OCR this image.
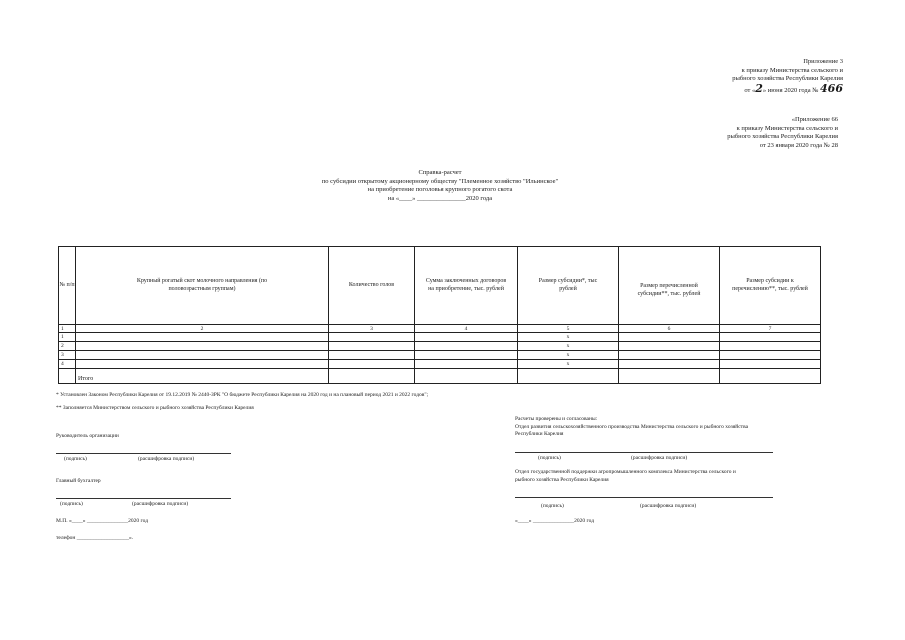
Приложение 3
к приказу Министерства сельского и
рыбного хозяйства Республики Карелия
от «2» июня 2020 года № 466
«Приложение 66
к приказу Министерства сельского и
рыбного хозяйства Республики Карелия
от 23 января 2020 года № 28
Справка-расчет
по субсидии открытому акционерному обществу "Племенное хозяйство "Ильинское"
на приобретение поголовья крупного рогатого скота
на «____» _______________2020 года
№ п/п	Крупный рогатый скот молочного направления (по половозрастным группам)	Количество голов	Сумма заключенных договоров на приобретение, тыс. рублей	Размер субсидии*, тыс рублей	Размер перечисленной субсидии**, тыс. рублей	Размер субсидии к перечислению**, тыс. рублей
1	2	3	4	5	6	7
1				х		
2				х		
3				х		
4				х		
	Итого					
* Установлен Законом Республики Карелия от 19.12.2019 № 2440-ЗРК "О бюджете Республики Карелия на 2020 год и на плановый период 2021 и 2022 годов";
** Заполняется Министерством сельского и рыбного хозяйства Республики Карелия
Руководитель организации
(подпись)	(расшифровка подписи)
Главный бухгалтер
(подпись)	(расшифровка подписи)
М.П. «____» _______________2020 год
телефон ___________________».
Расчеты проверены и согласованы:
Отдел развития сельскохозяйственного производства Министерства сельского и рыбного хозяйства
Республики Карелия
(подпись)	(расшифровка подписи)
Отдел государственной поддержки агропромышленного комплекса Министерства сельского и
рыбного хозяйства Республики Карелия
(подпись)	(расшифровка подписи)
«____» _______________2020 год
